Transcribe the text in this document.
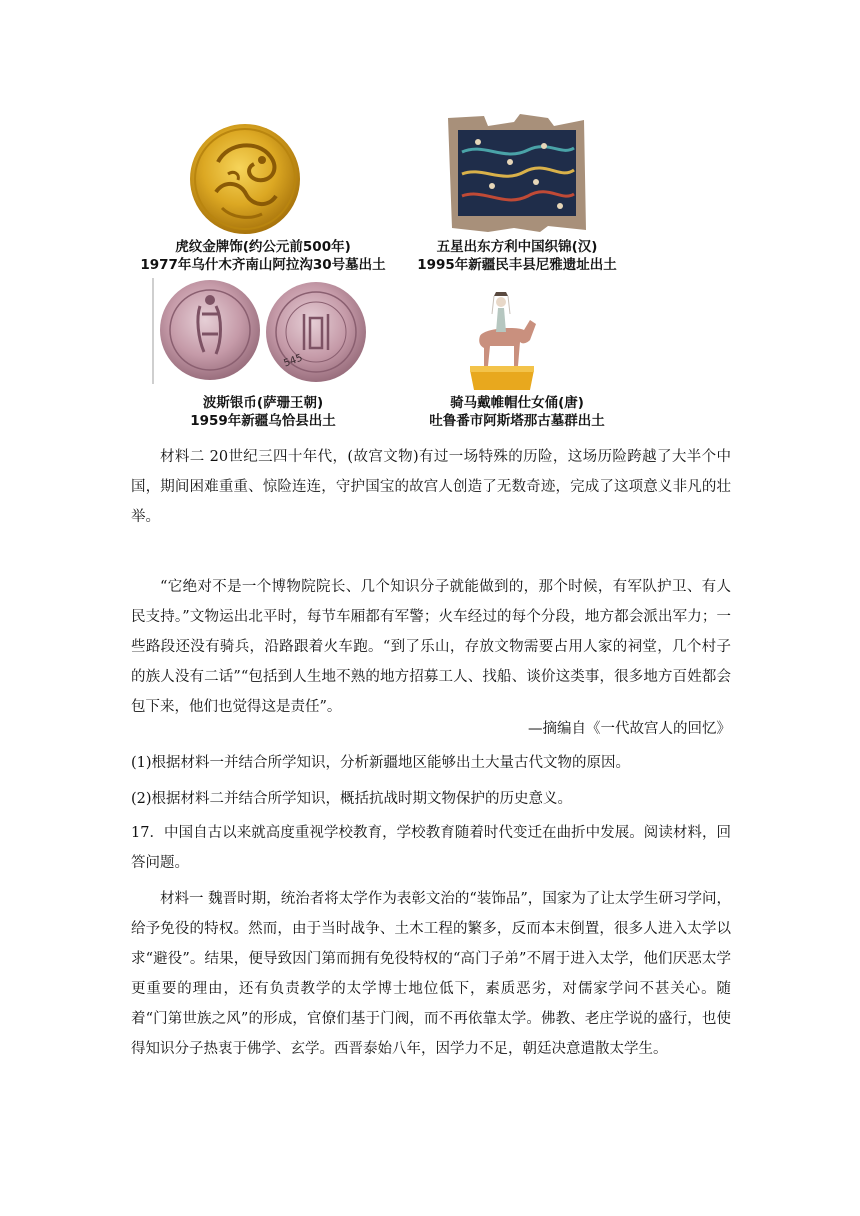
虎纹金牌饰(约公元前500年)
1977年乌什木齐南山阿拉沟30号墓出土
五星出东方利中国织锦(汉)
1995年新疆民丰县尼雅遗址出土
545
波斯银币(萨珊王朝)
1959年新疆乌恰县出土
骑马戴帷帽仕女俑(唐)
吐鲁番市阿斯塔那古墓群出土
材料二 20世纪三四十年代，(故宫文物)有过一场特殊的历险，这场历险跨越了大半个中国，期间困难重重、惊险连连，守护国宝的故宫人创造了无数奇迹，完成了这项意义非凡的壮举。
“它绝对不是一个博物院院长、几个知识分子就能做到的，那个时候，有军队护卫、有人民支持。”文物运出北平时，每节车厢都有军警；火车经过的每个分段，地方都会派出军力；一些路段还没有骑兵，沿路跟着火车跑。“到了乐山，存放文物需要占用人家的祠堂，几个村子的族人没有二话”“包括到人生地不熟的地方招募工人、找船、谈价这类事，很多地方百姓都会包下来，他们也觉得这是责任”。
—摘编自《一代故宫人的回忆》
(1)根据材料一并结合所学知识，分析新疆地区能够出土大量古代文物的原因。
(2)根据材料二并结合所学知识，概括抗战时期文物保护的历史意义。
17．中国自古以来就高度重视学校教育，学校教育随着时代变迁在曲折中发展。阅读材料，回答问题。
材料一 魏晋时期，统治者将太学作为表彰文治的“装饰品”，国家为了让太学生研习学问，给予免役的特权。然而，由于当时战争、土木工程的繁多，反而本末倒置，很多人进入太学以求“避役”。结果，便导致因门第而拥有免役特权的“高门子弟”不屑于进入太学，他们厌恶太学更重要的理由，还有负责教学的太学博士地位低下，素质恶劣，对儒家学问不甚关心。随着“门第世族之风”的形成，官僚们基于门阀，而不再依靠太学。佛教、老庄学说的盛行，也使得知识分子热衷于佛学、玄学。西晋泰始八年，因学力不足，朝廷决意遣散太学生。
